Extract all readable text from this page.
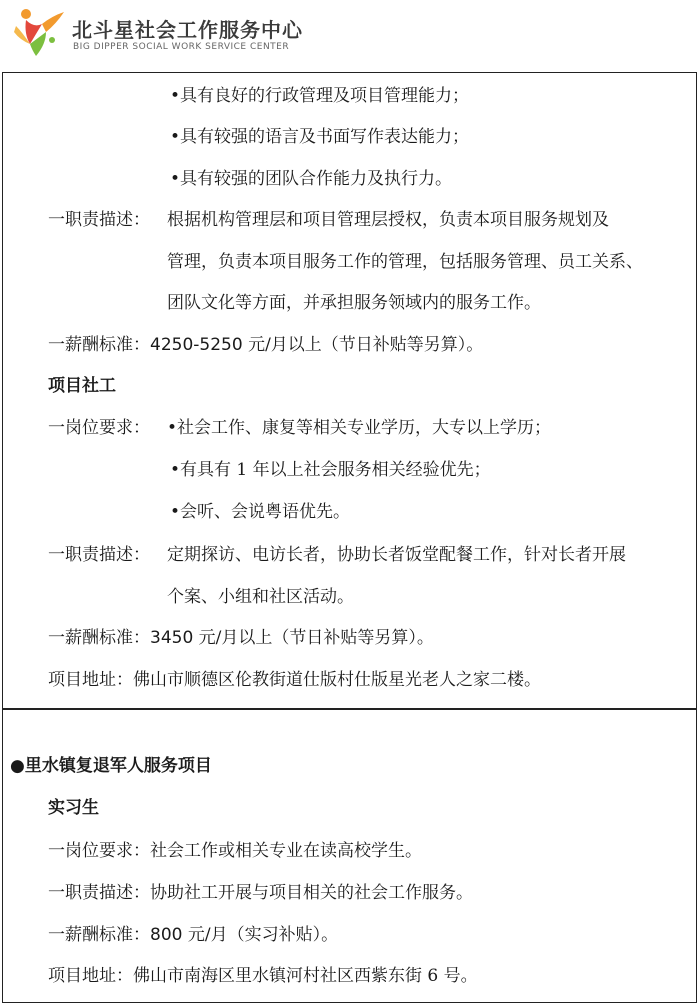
北斗星社会工作服务中心
BIG DIPPER SOCIAL WORK SERVICE CENTER
•具有良好的行政管理及项目管理能力；
•具有较强的语言及书面写作表达能力；
•具有较强的团队合作能力及执行力。
一职责描述： 根据机构管理层和项目管理层授权，负责本项目服务规划及
管理，负责本项目服务工作的管理，包括服务管理、员工关系、
团队文化等方面，并承担服务领域内的服务工作。
一薪酬标准：4250-5250 元/月以上（节日补贴等另算）。
项目社工
一岗位要求： •社会工作、康复等相关专业学历，大专以上学历；
•有具有 1 年以上社会服务相关经验优先；
•会听、会说粤语优先。
一职责描述： 定期探访、电访长者，协助长者饭堂配餐工作，针对长者开展
个案、小组和社区活动。
一薪酬标准：3450 元/月以上（节日补贴等另算）。
项目地址：佛山市顺德区伦教街道仕版村仕版星光老人之家二楼。
●里水镇复退军人服务项目
实习生
一岗位要求：社会工作或相关专业在读高校学生。
一职责描述：协助社工开展与项目相关的社会工作服务。
一薪酬标准：800 元/月（实习补贴）。
项目地址：佛山市南海区里水镇河村社区西紫东街 6 号。
